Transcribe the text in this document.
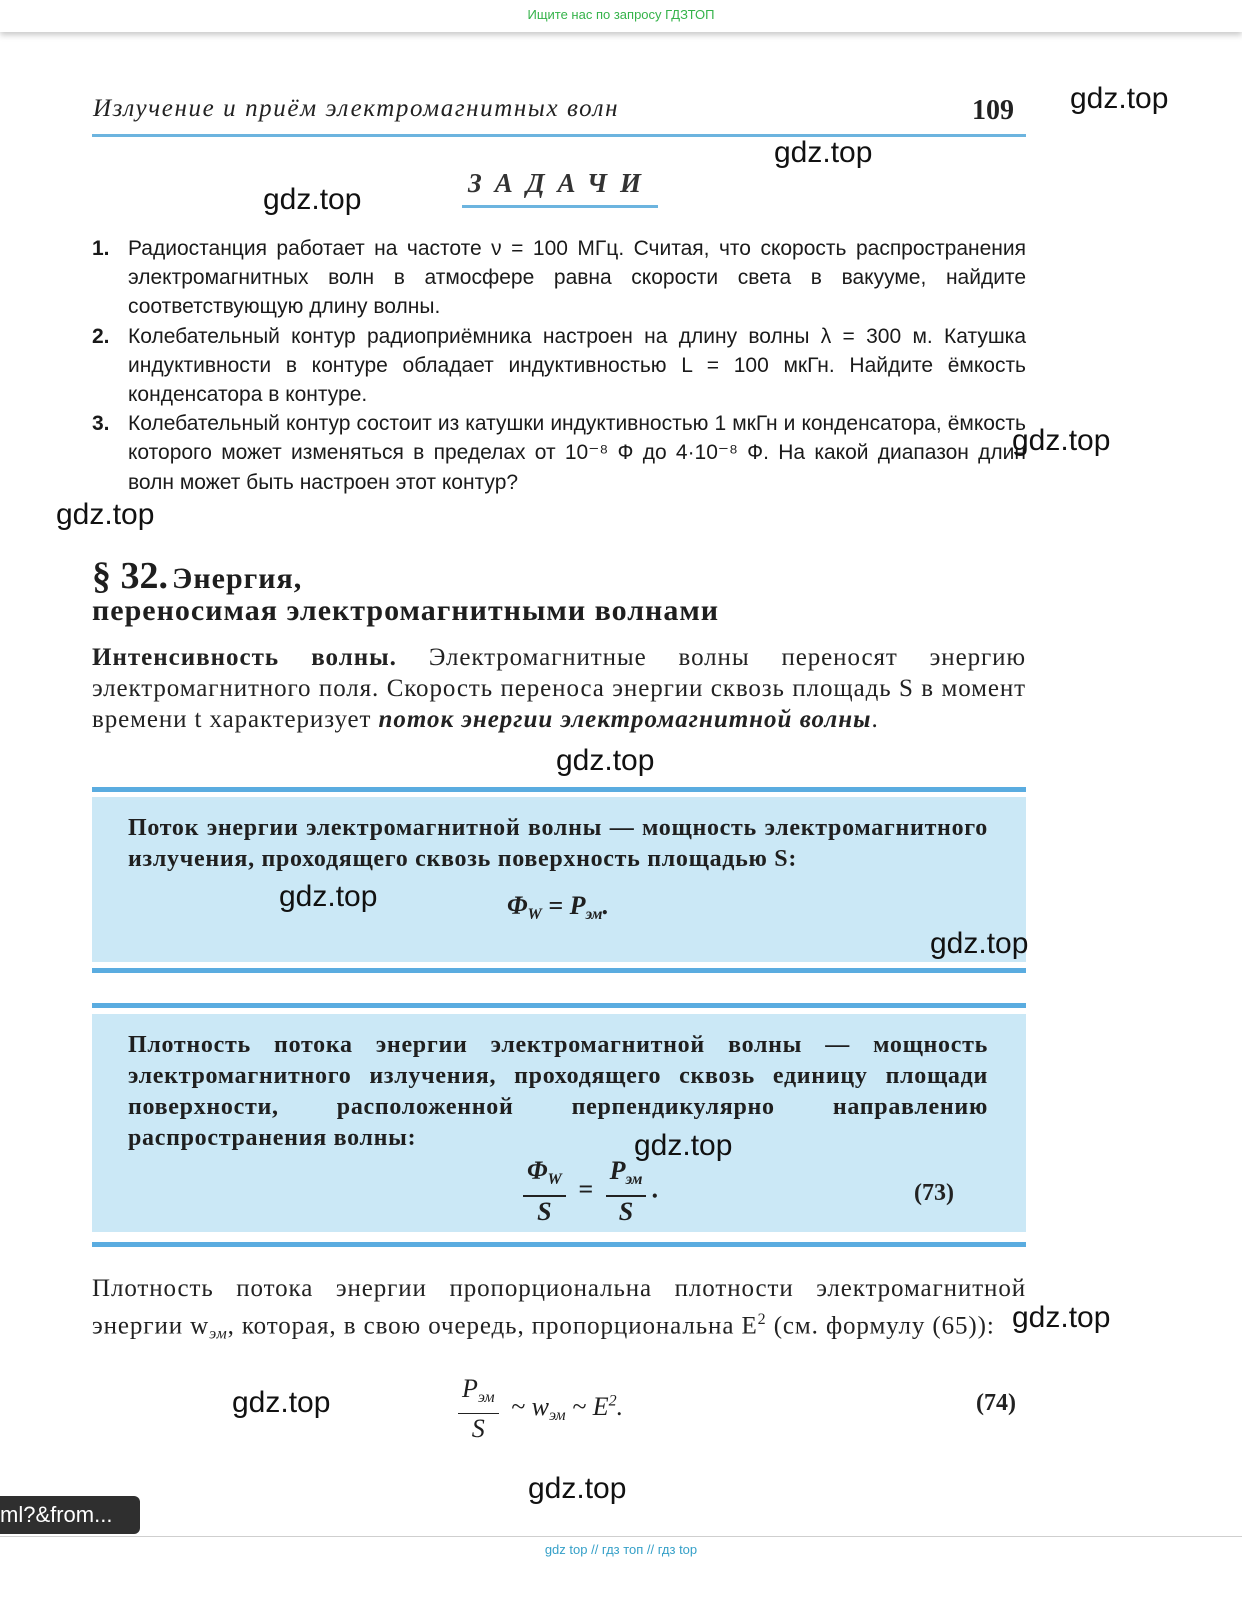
Ищите нас по запросу ГДЗТОП
Излучение и приём электромагнитных волн	109
ЗАДАЧИ
1. Радиостанция работает на частоте ν = 100 МГц. Считая, что скорость распространения электромагнитных волн в атмосфере равна скорости света в вакууме, найдите соответствующую длину волны.
2. Колебательный контур радиоприёмника настроен на длину волны λ = 300 м. Катушка индуктивности в контуре обладает индуктивностью L = 100 мкГн. Найдите ёмкость конденсатора в контуре.
3. Колебательный контур состоит из катушки индуктивностью 1 мкГн и конденсатора, ёмкость которого может изменяться в пределах от 10⁻⁸ Ф до 4·10⁻⁸ Ф. На какой диапазон длин волн может быть настроен этот контур?
§ 32. Энергия,
переносимая электромагнитными волнами
Интенсивность волны. Электромагнитные волны переносят энергию электромагнитного поля. Скорость переноса энергии сквозь площадь S в момент времени t характеризует поток энергии электромагнитной волны.
Поток энергии электромагнитной волны — мощность электромагнитного излучения, проходящего сквозь поверхность площадью S:
$\Phi_W = P_{эм}$.
Плотность потока энергии электромагнитной волны — мощность электромагнитного излучения, проходящего сквозь единицу площади поверхности, расположенной перпендикулярно направлению распространения волны:
$\frac{\Phi_W}{S} = \frac{P_{эм}}{S}$ .	(73)
Плотность потока энергии пропорциональна плотности электромагнитной энергии $w_{эм}$, которая, в свою очередь, пропорциональна $E^2$ (см. формулу (65)):
$\frac{P_{эм}}{S}$ ~ $w_{эм}$ ~ $E^2$.	(74)
gdz.top
gdz.top
gdz.top
gdz.top
gdz.top
gdz.top
gdz.top
gdz.top
gdz.top
gdz.top
gdz.top
gdz.top
ml?&from...
gdz top // гдз топ // гдз top
